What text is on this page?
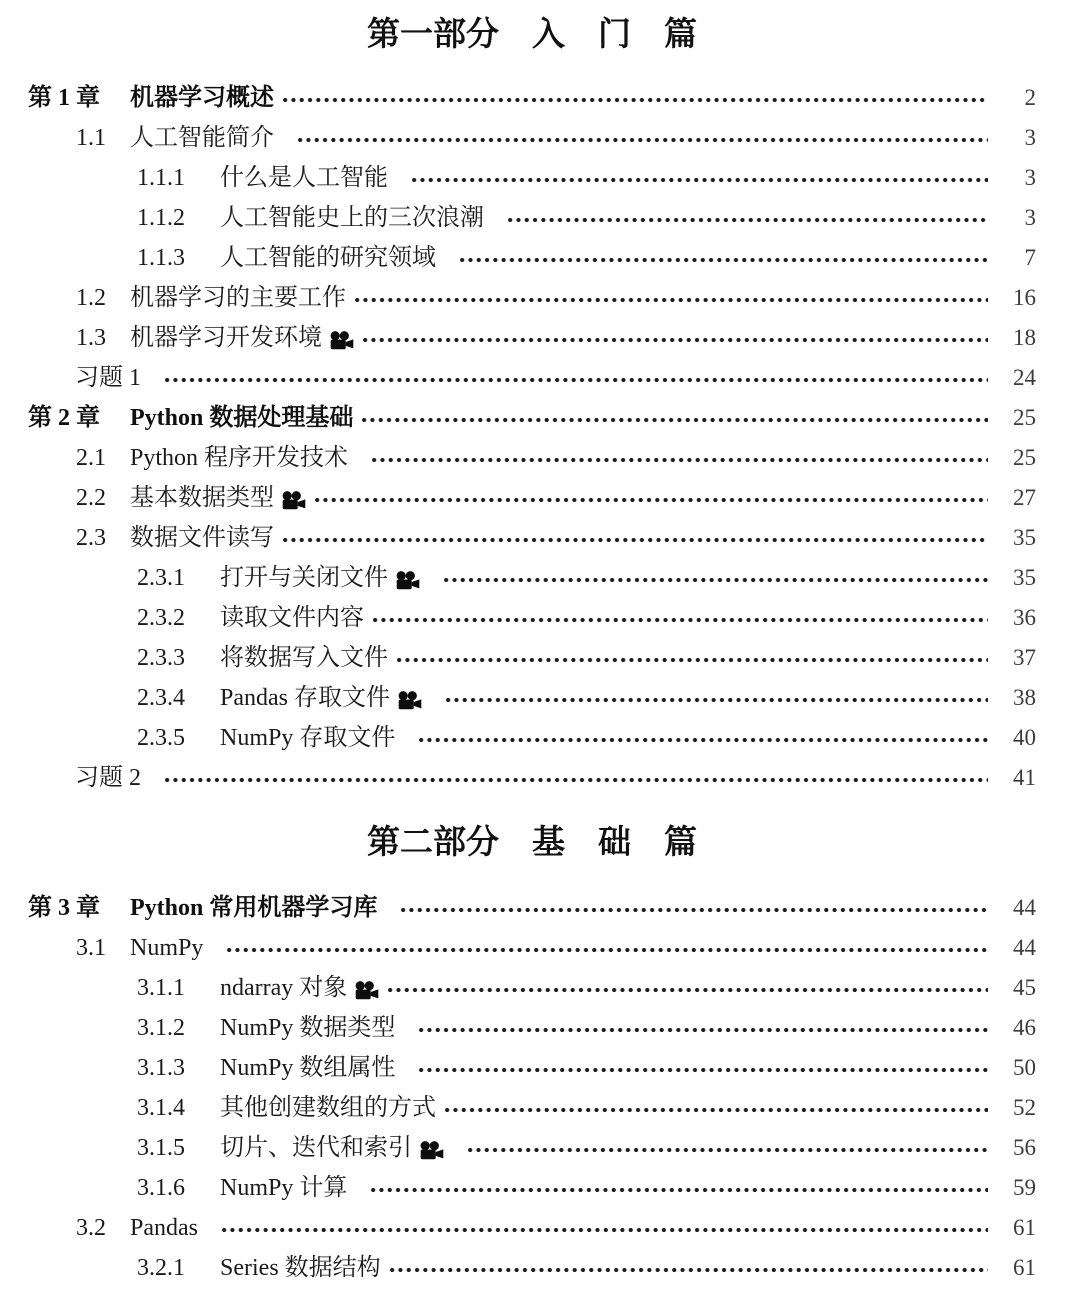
第一部分　入　门　篇
第 1 章	机器学习概述	2
1.1	人工智能简介	3
1.1.1	什么是人工智能	3
1.1.2	人工智能史上的三次浪潮	3
1.1.3	人工智能的研究领域	7
1.2	机器学习的主要工作	16
1.3	机器学习开发环境	18
习题 1	24
第 2 章	Python 数据处理基础	25
2.1	Python 程序开发技术	25
2.2	基本数据类型	27
2.3	数据文件读写	35
2.3.1	打开与关闭文件	35
2.3.2	读取文件内容	36
2.3.3	将数据写入文件	37
2.3.4	Pandas 存取文件	38
2.3.5	NumPy 存取文件	40
习题 2	41
第二部分　基　础　篇
第 3 章	Python 常用机器学习库	44
3.1	NumPy	44
3.1.1	ndarray 对象	45
3.1.2	NumPy 数据类型	46
3.1.3	NumPy 数组属性	50
3.1.4	其他创建数组的方式	52
3.1.5	切片、迭代和索引	56
3.1.6	NumPy 计算	59
3.2	Pandas	61
3.2.1	Series 数据结构	61
